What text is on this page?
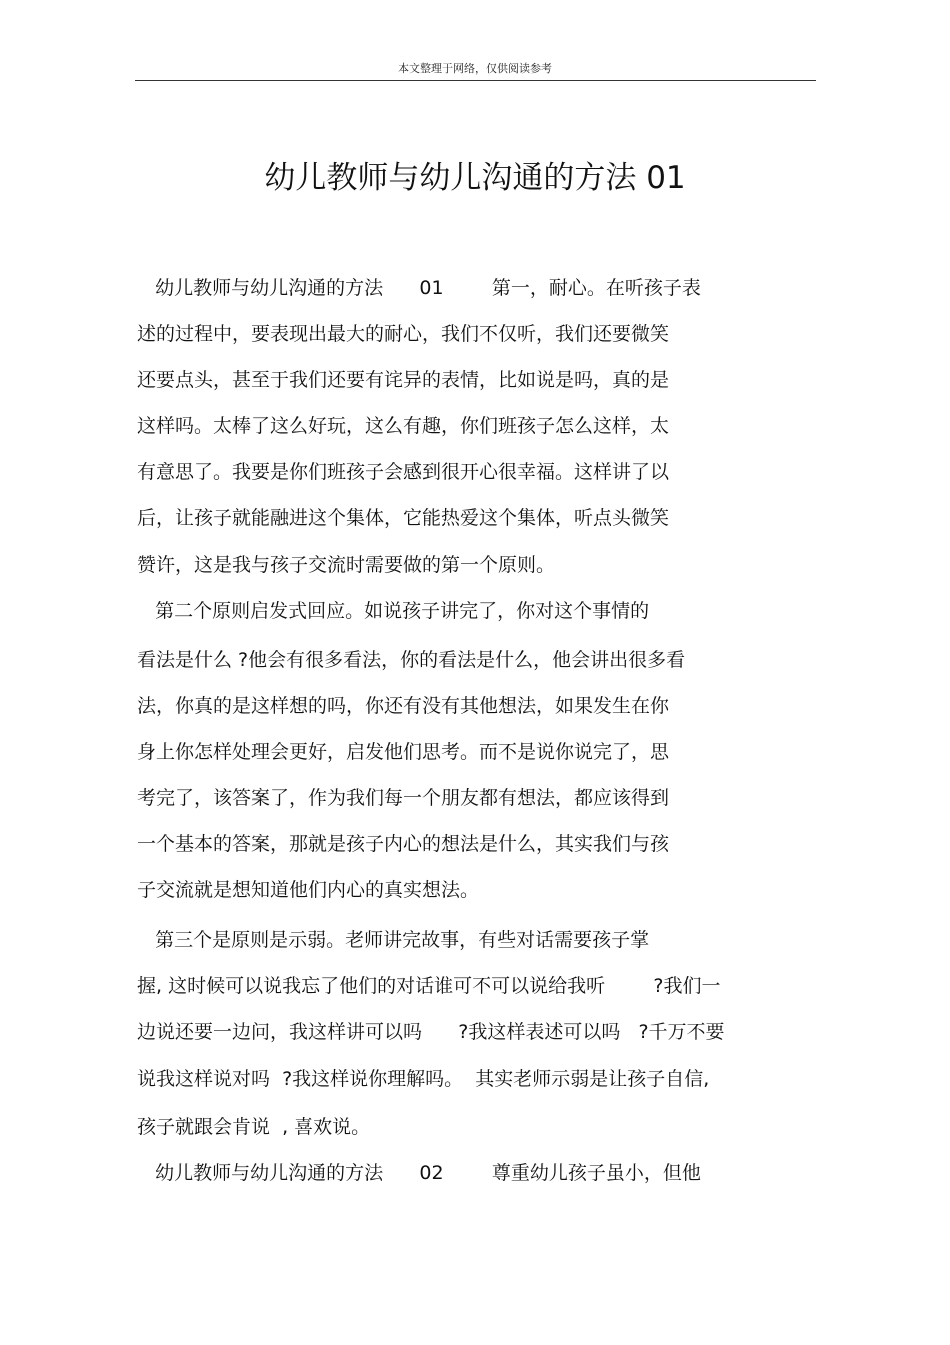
本文整理于网络，仅供阅读参考
幼儿教师与幼儿沟通的方法 01
幼儿教师与幼儿沟通的方法      01        第一，耐心。在听孩子表
述的过程中，要表现出最大的耐心，我们不仅听，我们还要微笑
还要点头，甚至于我们还要有诧异的表情，比如说是吗，真的是
这样吗。太棒了这么好玩，这么有趣，你们班孩子怎么这样，太
有意思了。我要是你们班孩子会感到很开心很幸福。这样讲了以
后，让孩子就能融进这个集体，它能热爱这个集体，听点头微笑
赞许，这是我与孩子交流时需要做的第一个原则。
第二个原则启发式回应。如说孩子讲完了，你对这个事情的
看法是什么 ?他会有很多看法，你的看法是什么，他会讲出很多看
法，你真的是这样想的吗，你还有没有其他想法，如果发生在你
身上你怎样处理会更好，启发他们思考。而不是说你说完了，思
考完了，该答案了，作为我们每一个朋友都有想法，都应该得到
一个基本的答案，那就是孩子内心的想法是什么，其实我们与孩
子交流就是想知道他们内心的真实想法。
第三个是原则是示弱。老师讲完故事，有些对话需要孩子掌
握, 这时候可以说我忘了他们的对话谁可不可以说给我听        ?我们一
边说还要一边问，我这样讲可以吗      ?我这样表述可以吗   ?千万不要
说我这样说对吗  ?我这样说你理解吗。  其实老师示弱是让孩子自信,
孩子就跟会肯说  , 喜欢说。
幼儿教师与幼儿沟通的方法      02        尊重幼儿孩子虽小，但他
